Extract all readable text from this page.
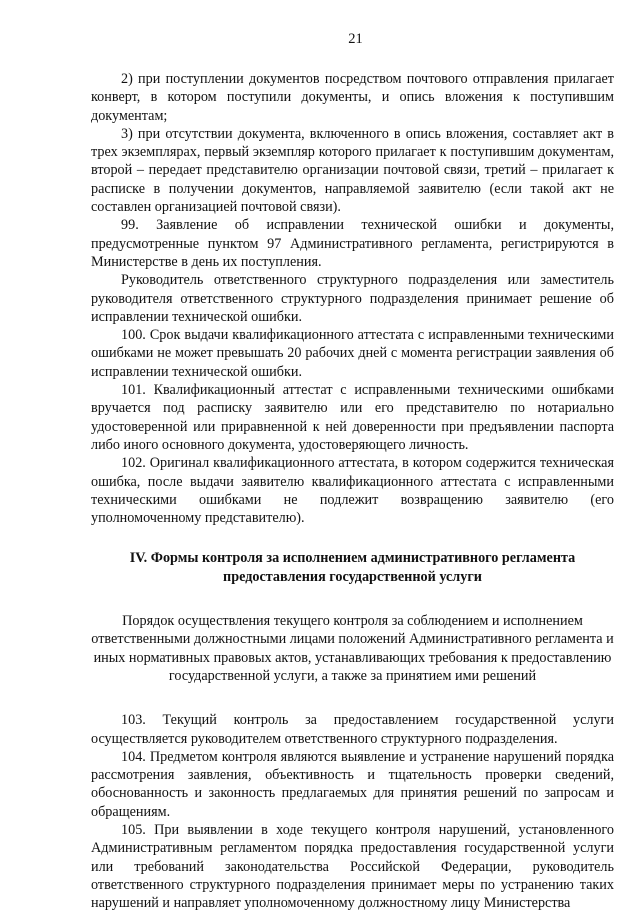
21

2) при поступлении документов посредством почтового отправления прилагает конверт, в котором поступили документы, и опись вложения к поступившим документам;

3) при отсутствии документа, включенного в опись вложения, составляет акт в трех экземплярах, первый экземпляр которого прилагает к поступившим документам, второй – передает представителю организации почтовой связи, третий – прилагает к расписке в получении документов, направляемой заявителю (если такой акт не составлен организацией почтовой связи).

99. Заявление об исправлении технической ошибки и документы, предусмотренные пунктом 97 Административного регламента, регистрируются в Министерстве в день их поступления.

Руководитель ответственного структурного подразделения или заместитель руководителя ответственного структурного подразделения принимает решение об исправлении технической ошибки.

100. Срок выдачи квалификационного аттестата с исправленными техническими ошибками не может превышать 20 рабочих дней с момента регистрации заявления об исправлении технической ошибки.

101. Квалификационный аттестат с исправленными техническими ошибками вручается под расписку заявителю или его представителю по нотариально удостоверенной или приравненной к ней доверенности при предъявлении паспорта либо иного основного документа, удостоверяющего личность.

102. Оригинал квалификационного аттестата, в котором содержится техническая ошибка, после выдачи заявителю квалификационного аттестата с исправленными техническими ошибками не подлежит возвращению заявителю (его уполномоченному представителю).

IV. Формы контроля за исполнением административного регламента предоставления государственной услуги
Порядок осуществления текущего контроля за соблюдением и исполнением ответственными должностными лицами положений Административного регламента и иных нормативных правовых актов, устанавливающих требования к предоставлению государственной услуги, а также за принятием ими решений

103. Текущий контроль за предоставлением государственной услуги осуществляется руководителем ответственного структурного подразделения.

104. Предметом контроля являются выявление и устранение нарушений порядка рассмотрения заявления, объективность и тщательность проверки сведений, обоснованность и законность предлагаемых для принятия решений по запросам и обращениям.

105. При выявлении в ходе текущего контроля нарушений, установленного Административным регламентом порядка предоставления государственной услуги или требований законодательства Российской Федерации, руководитель ответственного структурного подразделения принимает меры по устранению таких нарушений и направляет уполномоченному должностному лицу Министерства
